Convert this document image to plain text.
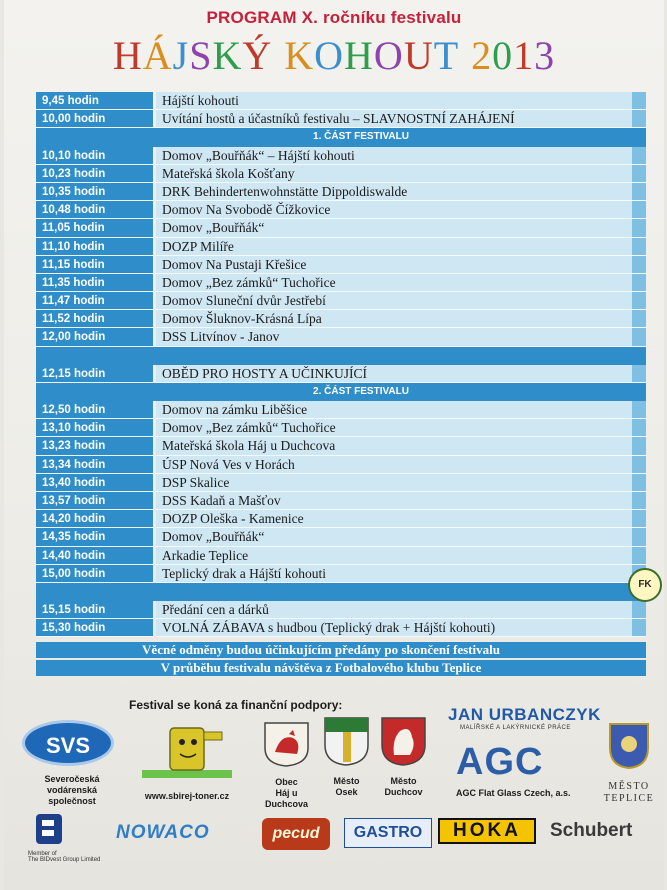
PROGRAM X. ročníku festivalu
HÁJSKÝ KOHOUT 2013
9,45 hodin	Hájští kohouti
10,00 hodin	Uvítání hostů a účastníků festivalu – SLAVNOSTNÍ ZAHÁJENÍ
1. ČÁST FESTIVALU
10,10 hodin	Domov „Bouřňák“ – Hájští kohouti
10,23 hodin	Mateřská škola Košťany
10,35 hodin	DRK Behindertenwohnstätte Dippoldiswalde
10,48 hodin	Domov Na Svobodě Čížkovice
11,05 hodin	Domov „Bouřňák“
11,10 hodin	DOZP Milíře
11,15 hodin	Domov Na Pustaji Křešice
11,35 hodin	Domov „Bez zámků“ Tuchořice
11,47 hodin	Domov Sluneční dvůr Jestřebí
11,52 hodin	Domov Šluknov-Krásná Lípa
12,00 hodin	DSS Litvínov - Janov
12,15 hodin	OBĚD PRO HOSTY A UČINKUJÍCÍ
2. ČÁST FESTIVALU
12,50 hodin	Domov na zámku Liběšice
13,10 hodin	Domov „Bez zámků“ Tuchořice
13,23 hodin	Mateřská škola Háj u Duchcova
13,34 hodin	ÚSP Nová Ves v Horách
13,40 hodin	DSP Skalice
13,57 hodin	DSS Kadaň a Mašťov
14,20 hodin	DOZP Oleška - Kamenice
14,35 hodin	Domov „Bouřňák“
14,40 hodin	Arkadie Teplice
15,00 hodin	Teplický drak a Hájští kohouti
15,15 hodin	Předání cen a dárků
15,30 hodin	VOLNÁ ZÁBAVA s hudbou (Teplický drak + Hájští kohouti)
Věcné odměny budou účinkujícím předány po skončení festivalu
V průběhu festivalu návštěva z Fotbalového klubu Teplice
FK
Festival se koná za finanční podpory:
SVS
Severočeská
vodárenská společnost	www.sbirej-toner.cz
Obec
Háj u
Duchcova
Město
Osek
Město
Duchcov
JAN URBANCZYK
MALÍŘSKÉ A LAKÝRNICKÉ PRÁCE
AGC
AGC Flat Glass Czech, a.s.
MĚSTO
TEPLICE
Member of
The BIDvest Group Limited
NOWACO	pecud	GASTRO	HOKA	Schubert
